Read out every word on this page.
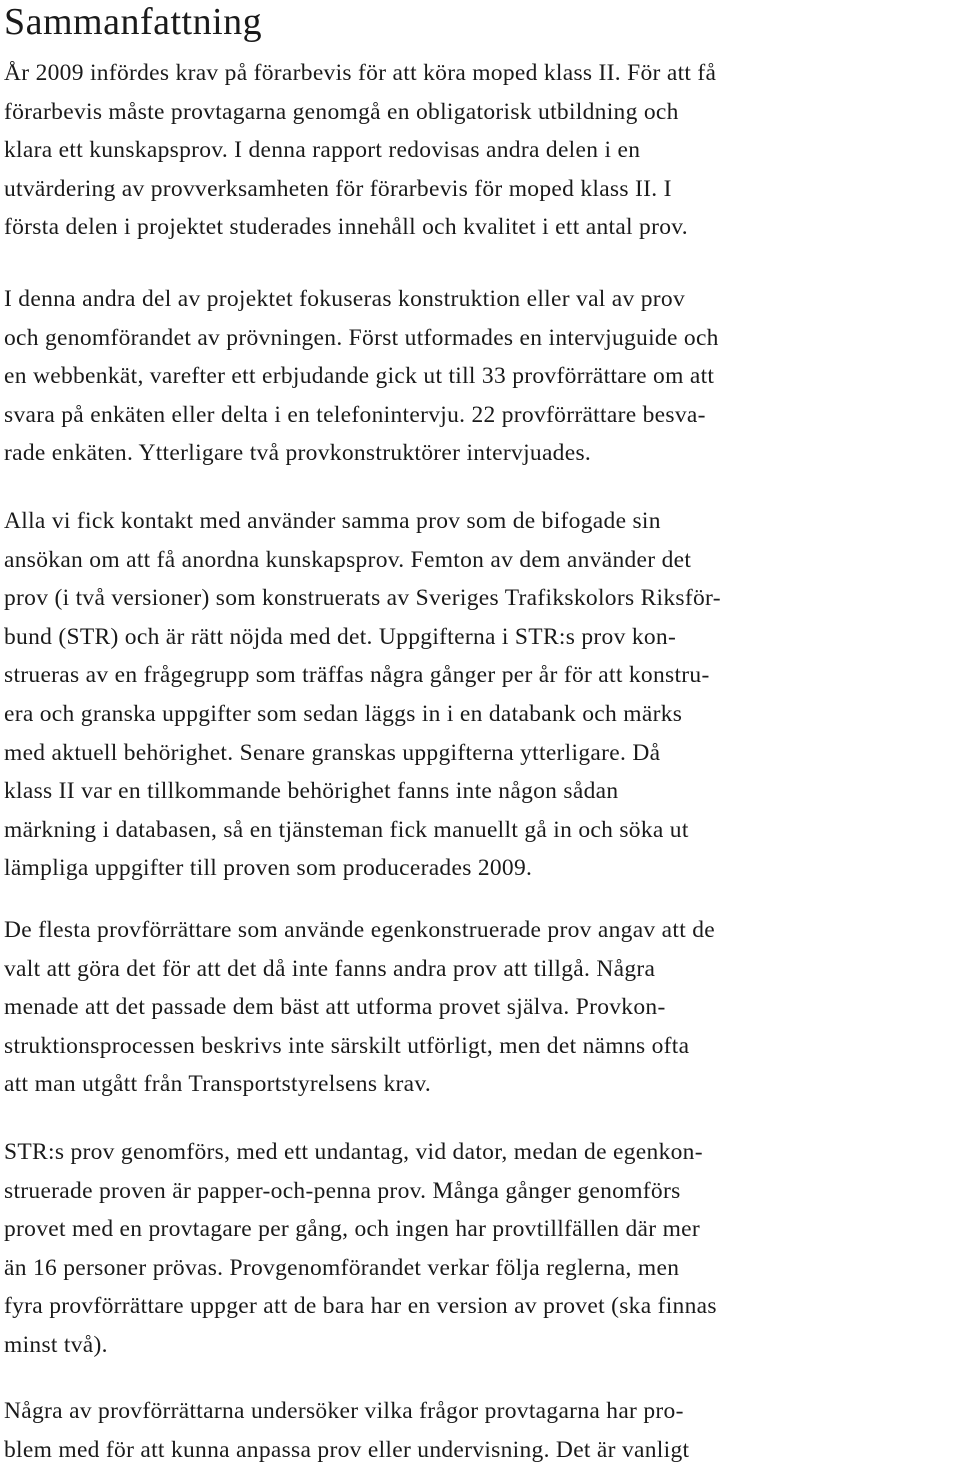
Sammanfattning
År 2009 infördes krav på förarbevis för att köra moped klass II. För att få
förarbevis måste provtagarna genomgå en obligatorisk utbildning och
klara ett kunskapsprov. I denna rapport redovisas andra delen i en
utvärdering av provverksamheten för förarbevis för moped klass II. I
första delen i projektet studerades innehåll och kvalitet i ett antal prov.
I denna andra del av projektet fokuseras konstruktion eller val av prov
och genomförandet av prövningen. Först utformades en intervjuguide och
en webbenkät, varefter ett erbjudande gick ut till 33 provförrättare om att
svara på enkäten eller delta i en telefonintervju. 22 provförrättare besva-
rade enkäten. Ytterligare två provkonstruktörer intervjuades.
Alla vi fick kontakt med använder samma prov som de bifogade sin
ansökan om att få anordna kunskapsprov. Femton av dem använder det
prov (i två versioner) som konstruerats av Sveriges Trafikskolors Riksför-
bund (STR) och är rätt nöjda med det. Uppgifterna i STR:s prov kon-
strueras av en frågegrupp som träffas några gånger per år för att konstru-
era och granska uppgifter som sedan läggs in i en databank och märks
med aktuell behörighet. Senare granskas uppgifterna ytterligare. Då
klass II var en tillkommande behörighet fanns inte någon sådan
märkning i databasen, så en tjänsteman fick manuellt gå in och söka ut
lämpliga uppgifter till proven som producerades 2009.
De flesta provförrättare som använde egenkonstruerade prov angav att de
valt att göra det för att det då inte fanns andra prov att tillgå. Några
menade att det passade dem bäst att utforma provet själva. Provkon-
struktionsprocessen beskrivs inte särskilt utförligt, men det nämns ofta
att man utgått från Transportstyrelsens krav.
STR:s prov genomförs, med ett undantag, vid dator, medan de egenkon-
struerade proven är papper-och-penna prov. Många gånger genomförs
provet med en provtagare per gång, och ingen har provtillfällen där mer
än 16 personer prövas. Provgenomförandet verkar följa reglerna, men
fyra provförrättare uppger att de bara har en version av provet (ska finnas
minst två).
Några av provförrättarna undersöker vilka frågor provtagarna har pro-
blem med för att kunna anpassa prov eller undervisning. Det är vanligt
